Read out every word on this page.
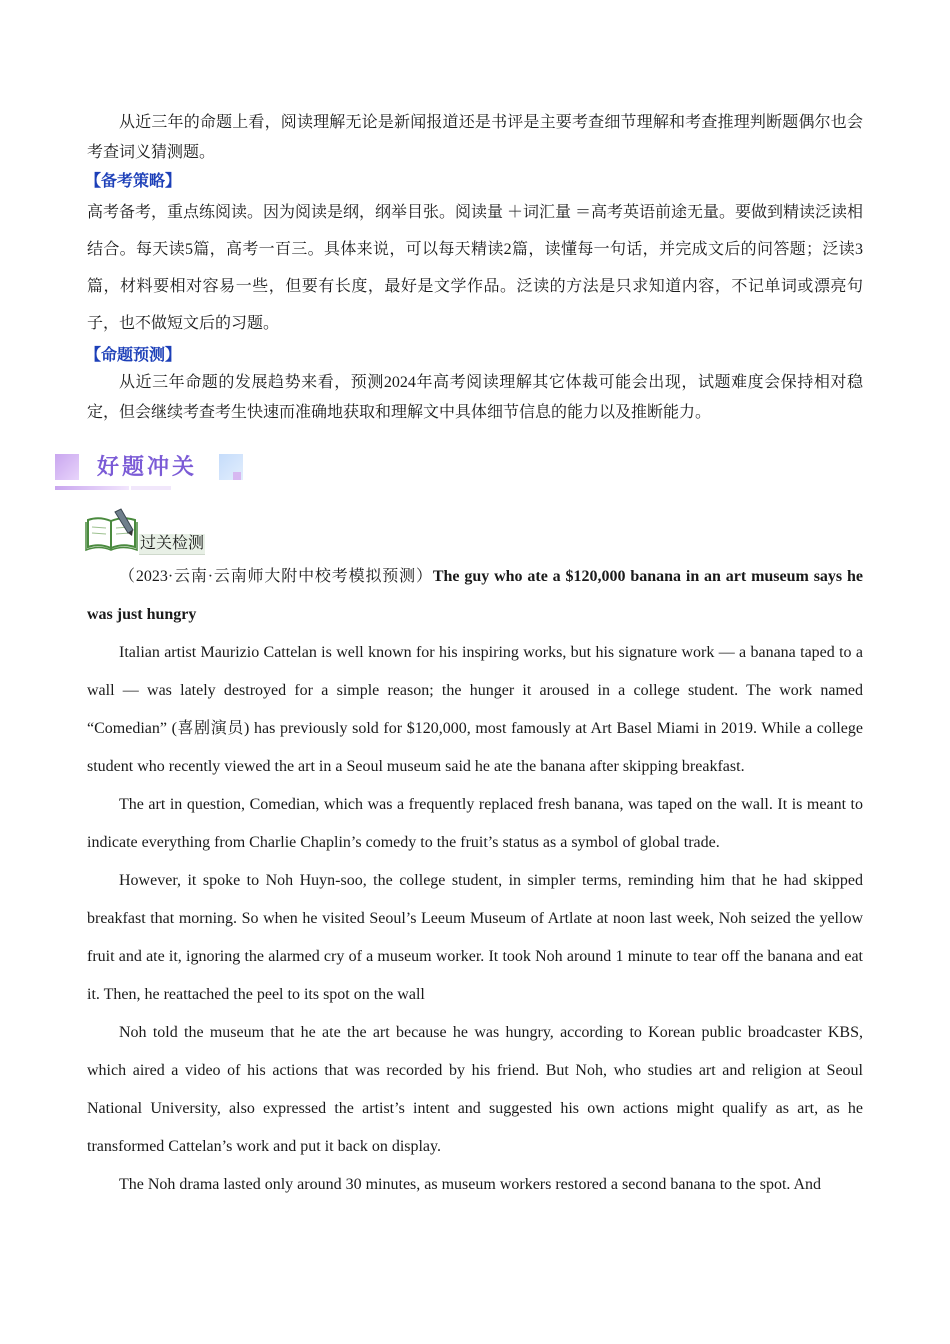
从近三年的命题上看，阅读理解无论是新闻报道还是书评是主要考查细节理解和考查推理判断题偶尔也会考查词义猜测题。

【备考策略】

高考备考，重点练阅读。因为阅读是纲，纲举目张。阅读量 ＋词汇量 ＝高考英语前途无量。要做到精读泛读相结合。每天读5篇，高考一百三。具体来说，可以每天精读2篇，读懂每一句话，并完成文后的问答题；泛读3篇，材料要相对容易一些，但要有长度，最好是文学作品。泛读的方法是只求知道内容，不记单词或漂亮句子，也不做短文后的习题。

【命题预测】

从近三年命题的发展趋势来看，预测2024年高考阅读理解其它体裁可能会出现，试题难度会保持相对稳定，但会继续考查考生快速而准确地获取和理解文中具体细节信息的能力以及推断能力。

好题冲关
过关检测

（2023·云南·云南师大附中校考模拟预测）The guy who ate a $120,000 banana in an art museum says he was just hungry

Italian artist Maurizio Cattelan is well known for his inspiring works, but his signature work — a banana taped to a wall — was lately destroyed for a simple reason; the hunger it aroused in a college student. The work named “Comedian” (喜剧演员) has previously sold for $120,000, most famously at Art Basel Miami in 2019. While a college student who recently viewed the art in a Seoul museum said he ate the banana after skipping breakfast.

The art in question, Comedian, which was a frequently replaced fresh banana, was taped on the wall. It is meant to indicate everything from Charlie Chaplin’s comedy to the fruit’s status as a symbol of global trade.

However, it spoke to Noh Huyn-soo, the college student, in simpler terms, reminding him that he had skipped breakfast that morning. So when he visited Seoul’s Leeum Museum of Artlate at noon last week, Noh seized the yellow fruit and ate it, ignoring the alarmed cry of a museum worker. It took Noh around 1 minute to tear off the banana and eat it. Then, he reattached the peel to its spot on the wall

Noh told the museum that he ate the art because he was hungry, according to Korean public broadcaster KBS, which aired a video of his actions that was recorded by his friend. But Noh, who studies art and religion at Seoul National University, also expressed the artist’s intent and suggested his own actions might qualify as art, as he transformed Cattelan’s work and put it back on display.

The Noh drama lasted only around 30 minutes, as museum workers restored a second banana to the spot. And
